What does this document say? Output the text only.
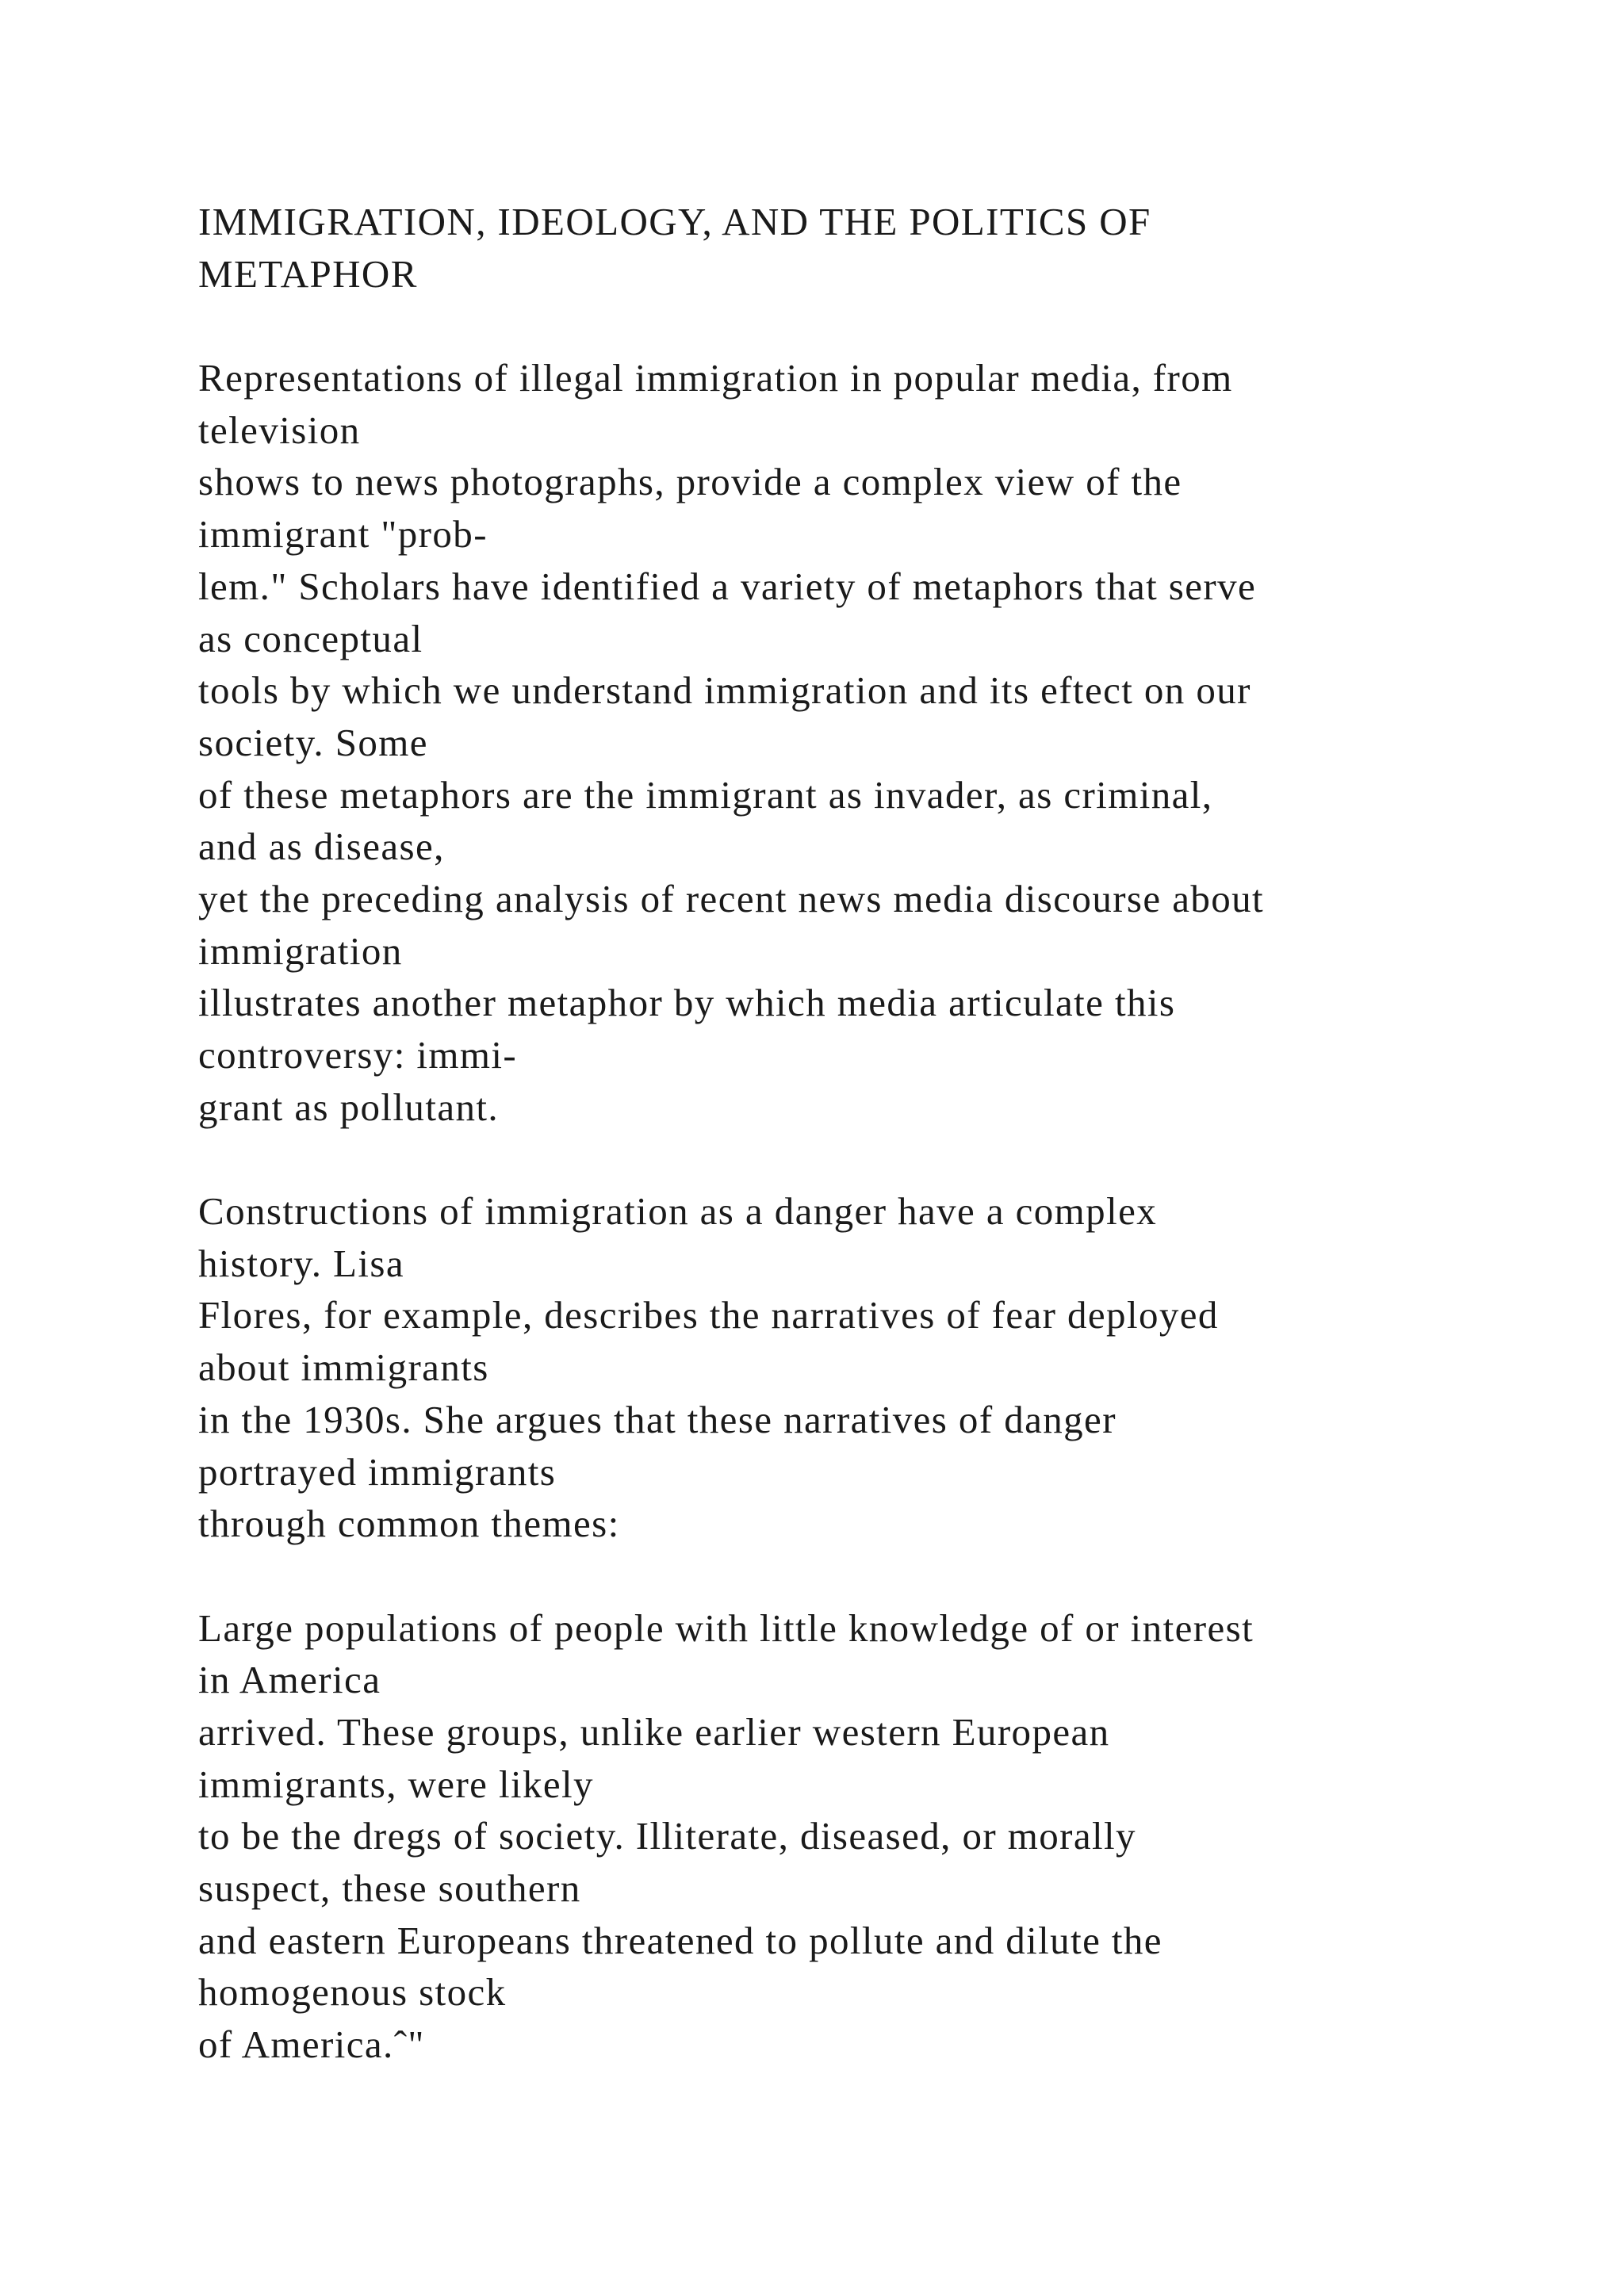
IMMIGRATION, IDEOLOGY, AND THE POLITICS OF
METAPHOR
Representations of illegal immigration in popular media, from
television
shows to news photographs, provide a complex view of the
immigrant "prob-
lem." Scholars have identified a variety of metaphors that serve
as conceptual
tools by which we understand immigration and its eftect on our
society. Some
of these metaphors are the immigrant as invader, as criminal,
and as disease,
yet the preceding analysis of recent news media discourse about
immigration
illustrates another metaphor by which media articulate this
controversy: immi-
grant as pollutant.
Constructions of immigration as a danger have a complex
history. Lisa
Flores, for example, describes the narratives of fear deployed
about immigrants
in the 1930s. She argues that these narratives of danger
portrayed immigrants
through common themes:
Large populations of people with little knowledge of or interest
in America
arrived. These groups, unlike earlier western European
immigrants, were likely
to be the dregs of society. Illiterate, diseased, or morally
suspect, these southern
and eastern Europeans threatened to pollute and dilute the
homogenous stock
of America.ˆ"
